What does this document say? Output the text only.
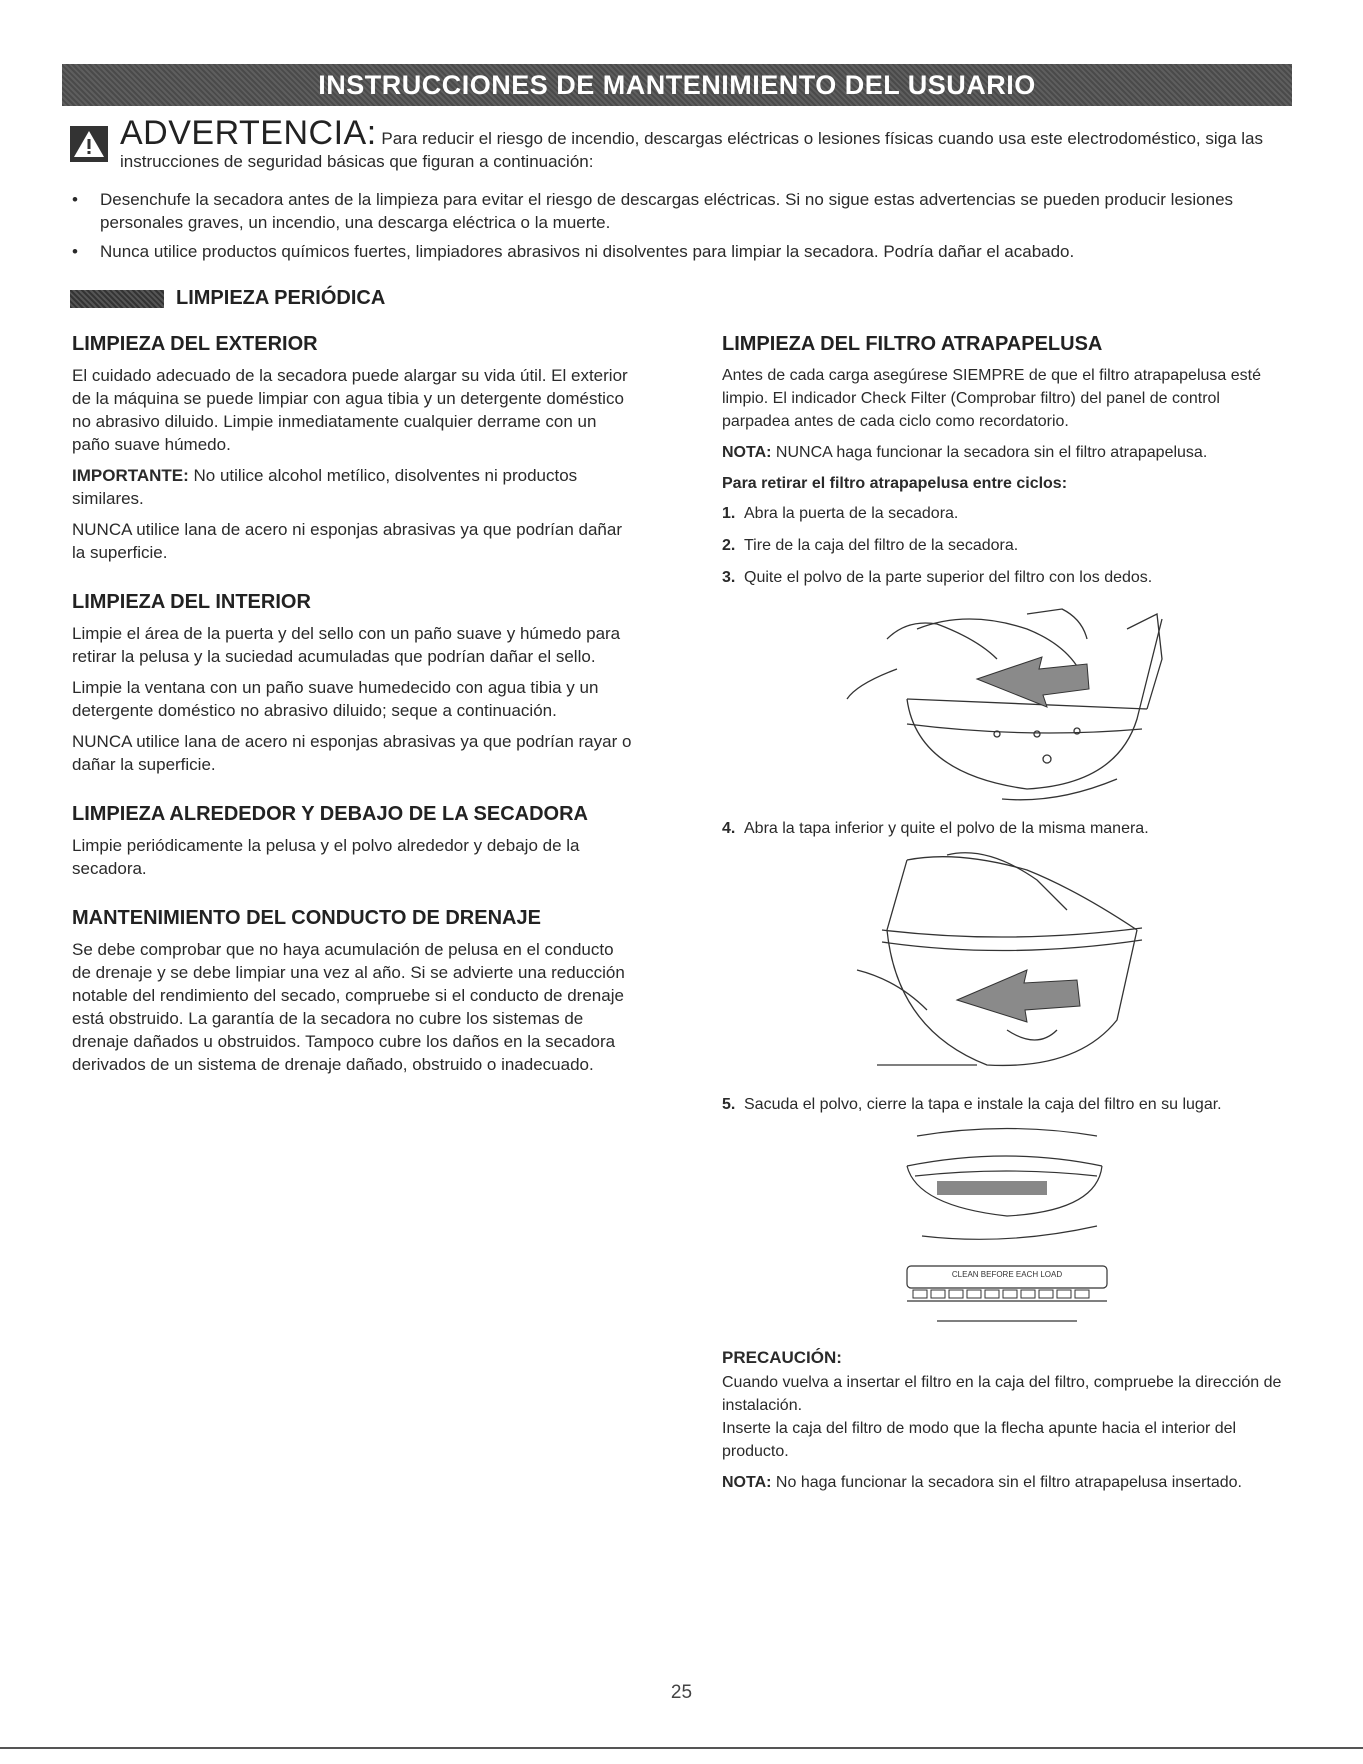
INSTRUCCIONES DE MANTENIMIENTO DEL USUARIO
ADVERTENCIA: Para reducir el riesgo de incendio, descargas eléctricas o lesiones físicas cuando usa este electrodoméstico, siga las instrucciones de seguridad básicas que figuran a continuación:
• Desenchufe la secadora antes de la limpieza para evitar el riesgo de descargas eléctricas. Si no sigue estas advertencias se pueden producir lesiones personales graves, un incendio, una descarga eléctrica o la muerte.
• Nunca utilice productos químicos fuertes, limpiadores abrasivos ni disolventes para limpiar la secadora. Podría dañar el acabado.
LIMPIEZA PERIÓDICA
LIMPIEZA DEL EXTERIOR

El cuidado adecuado de la secadora puede alargar su vida útil. El exterior de la máquina se puede limpiar con agua tibia y un detergente doméstico no abrasivo diluido. Limpie inmediatamente cualquier derrame con un paño suave húmedo.

IMPORTANTE: No utilice alcohol metílico, disolventes ni productos similares.

NUNCA utilice lana de acero ni esponjas abrasivas ya que podrían dañar la superficie.

LIMPIEZA DEL INTERIOR

Limpie el área de la puerta y del sello con un paño suave y húmedo para retirar la pelusa y la suciedad acumuladas que podrían dañar el sello.

Limpie la ventana con un paño suave humedecido con agua tibia y un detergente doméstico no abrasivo diluido; seque a continuación.

NUNCA utilice lana de acero ni esponjas abrasivas ya que podrían rayar o dañar la superficie.

LIMPIEZA ALREDEDOR Y DEBAJO DE LA SECADORA

Limpie periódicamente la pelusa y el polvo alrededor y debajo de la secadora.

MANTENIMIENTO DEL CONDUCTO DE DRENAJE

Se debe comprobar que no haya acumulación de pelusa en el conducto de drenaje y se debe limpiar una vez al año. Si se advierte una reducción notable del rendimiento del secado, compruebe si el conducto de drenaje está obstruido. La garantía de la secadora no cubre los sistemas de drenaje dañados u obstruidos. Tampoco cubre los daños en la secadora derivados de un sistema de drenaje dañado, obstruido o inadecuado.

LIMPIEZA DEL FILTRO ATRAPAPELUSA

Antes de cada carga asegúrese SIEMPRE de que el filtro atrapapelusa esté limpio. El indicador Check Filter (Comprobar filtro) del panel de control parpadea antes de cada ciclo como recordatorio.

NOTA: NUNCA haga funcionar la secadora sin el filtro atrapapelusa.

Para retirar el filtro atrapapelusa entre ciclos:

1. Abra la puerta de la secadora.
2. Tire de la caja del filtro de la secadora.
3. Quite el polvo de la parte superior del filtro con los dedos.
4. Abra la tapa inferior y quite el polvo de la misma manera.
5. Sacuda el polvo, cierre la tapa e instale la caja del filtro en su lugar.
CLEAN BEFORE EACH LOAD

PRECAUCIÓN:

Cuando vuelva a insertar el filtro en la caja del filtro, compruebe la dirección de instalación.

Inserte la caja del filtro de modo que la flecha apunte hacia el interior del producto.

NOTA: No haga funcionar la secadora sin el filtro atrapapelusa insertado.

25
